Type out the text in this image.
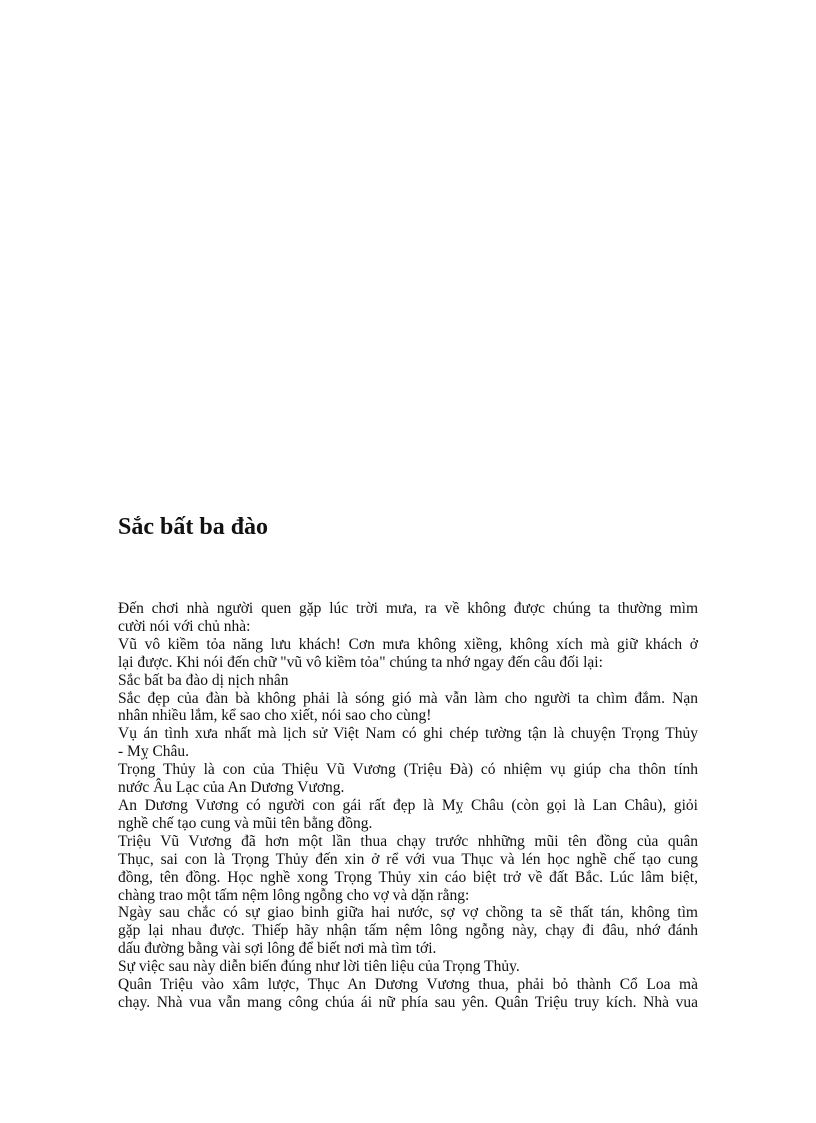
Sắc bất ba đào
Đến chơi nhà người quen gặp lúc trời mưa, ra về không được chúng ta thường mìm
cười nói với chủ nhà:
Vũ vô kiềm tỏa năng lưu khách! Cơn mưa không xiềng, không xích mà giữ khách ở
lại được. Khi nói đến chữ "vũ vô kiềm tỏa" chúng ta nhớ ngay đến câu đối lại:
Sắc bất ba đào dị nịch nhân
Sắc đẹp của đàn bà không phải là sóng gió mà vẫn làm cho người ta chìm đắm. Nạn
nhân nhiều lắm, kể sao cho xiết, nói sao cho cùng!
Vụ án tình xưa nhất mà lịch sử Việt Nam có ghi chép tường tận là chuyện Trọng Thủy
- Mỵ Châu.
Trọng Thủy là con của Thiệu Vũ Vương (Triệu Đà) có nhiệm vụ giúp cha thôn tính
nước Âu Lạc của An Dương Vương.
An Dương Vương có người con gái rất đẹp là Mỵ Châu (còn gọi là Lan Châu), giỏi
nghề chế tạo cung và mũi tên bằng đồng.
Triệu Vũ Vương đã hơn một lần thua chạy trước nhhững mũi tên đồng của quân
Thục, sai con là Trọng Thủy đến xin ở rể với vua Thục và lén học nghề chế tạo cung
đồng, tên đồng. Học nghề xong Trọng Thủy xin cáo biệt trở về đất Bắc. Lúc lâm biệt,
chàng trao một tấm nệm lông ngỗng cho vợ và dặn rằng:
Ngày sau chắc có sự giao binh giữa hai nước, sợ vợ chồng ta sẽ thất tán, không tìm
gặp lại nhau được. Thiếp hãy nhận tấm nệm lông ngỗng này, chạy đi đâu, nhớ đánh
dấu đường bằng vài sợi lông để biết nơi mà tìm tới.
Sự việc sau này diễn biến đúng như lời tiên liệu của Trọng Thủy.
Quân Triệu vào xâm lược, Thục An Dương Vương thua, phải bỏ thành Cổ Loa mà
chạy. Nhà vua vẫn mang công chúa ái nữ phía sau yên. Quân Triệu truy kích. Nhà vua
